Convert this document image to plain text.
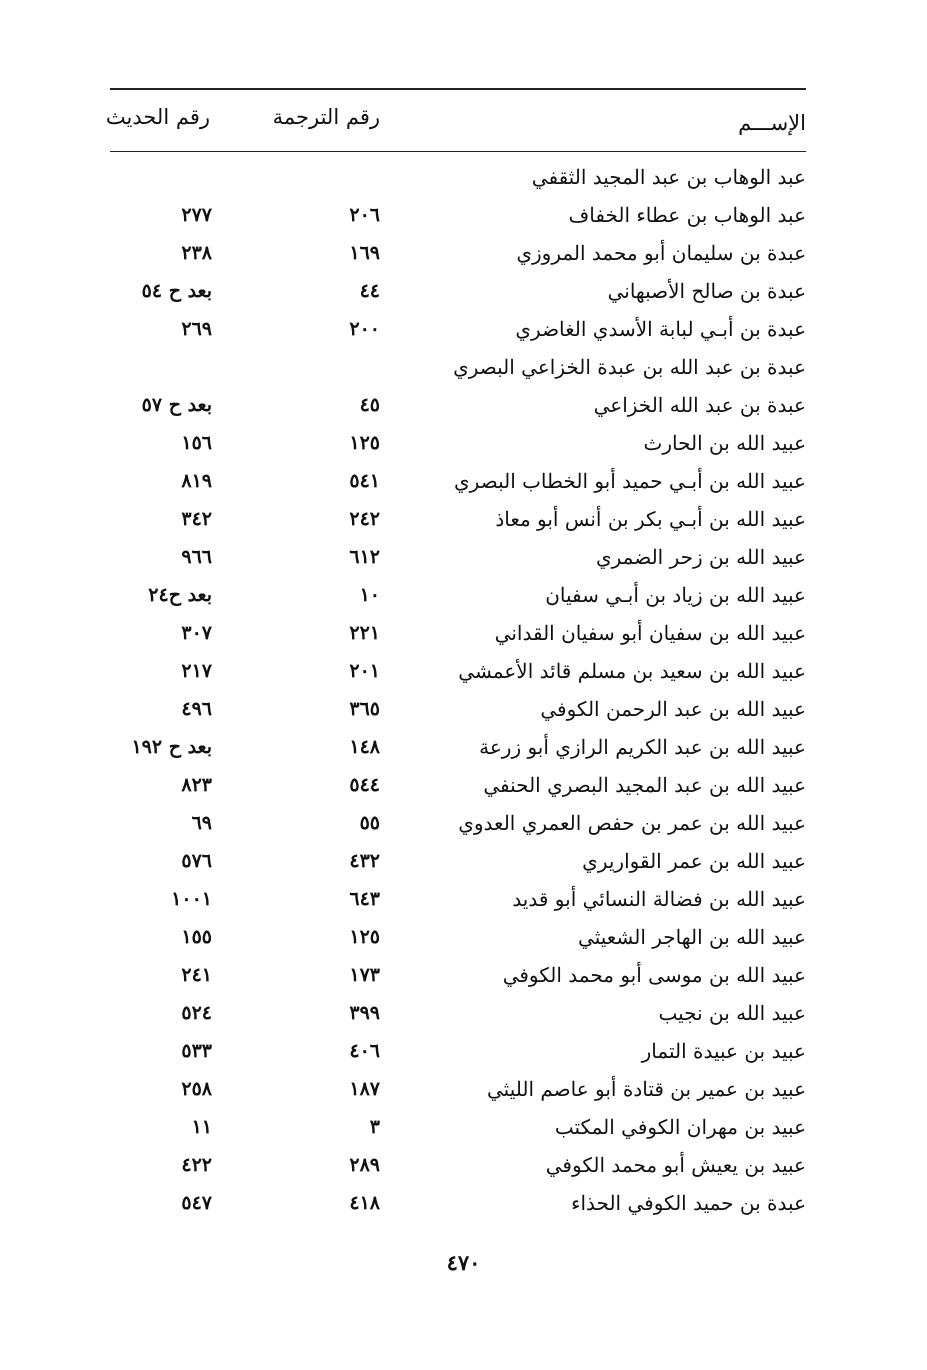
الإســـم
رقم الترجمة
رقم الحديث
عبد الوهاب بن عبد المجيد الثقفي
عبد الوهاب بن عطاء الخفاف
٢٠٦
٢٧٧
عبدة بن سليمان أبو محمد المروزي
١٦٩
٢٣٨
عبدة بن صالح الأصبهاني
٤٤
بعد ح ٥٤
عبدة بن أبـي لبابة الأسدي الغاضري
٢٠٠
٢٦٩
عبدة بن عبد الله بن عبدة الخزاعي البصري
عبدة بن عبد الله الخزاعي
٤٥
بعد ح ٥٧
عبيد الله بن الحارث
١٢٥
١٥٦
عبيد الله بن أبـي حميد أبو الخطاب البصري
٥٤١
٨١٩
عبيد الله بن أبـي بكر بن أنس أبو معاذ
٢٤٢
٣٤٢
عبيد الله بن زحر الضمري
٦١٢
٩٦٦
عبيد الله بن زياد بن أبـي سفيان
١٠
بعد ح٢٤
عبيد الله بن سفيان أبو سفيان القداني
٢٢١
٣٠٧
عبيد الله بن سعيد بن مسلم قائد الأعمشي
٢٠١
٢١٧
عبيد الله بن عبد الرحمن الكوفي
٣٦٥
٤٩٦
عبيد الله بن عبد الكريم الرازي أبو زرعة
١٤٨
بعد ح ١٩٢
عبيد الله بن عبد المجيد البصري الحنفي
٥٤٤
٨٢٣
عبيد الله بن عمر بن حفص العمري العدوي
٥٥
٦٩
عبيد الله بن عمر القواريري
٤٣٢
٥٧٦
عبيد الله بن فضالة النسائي أبو قديد
٦٤٣
١٠٠١
عبيد الله بن الهاجر الشعيثي
١٢٥
١٥٥
عبيد الله بن موسى أبو محمد الكوفي
١٧٣
٢٤١
عبيد الله بن نجيب
٣٩٩
٥٢٤
عبيد بن عبيدة التمار
٤٠٦
٥٣٣
عبيد بن عمير بن قتادة أبو عاصم الليثي
١٨٧
٢٥٨
عبيد بن مهران الكوفي المكتب
٣
١١
عبيد بن يعيش أبو محمد الكوفي
٢٨٩
٤٢٢
عبدة بن حميد الكوفي الحذاء
٤١٨
٥٤٧
٤٧٠
